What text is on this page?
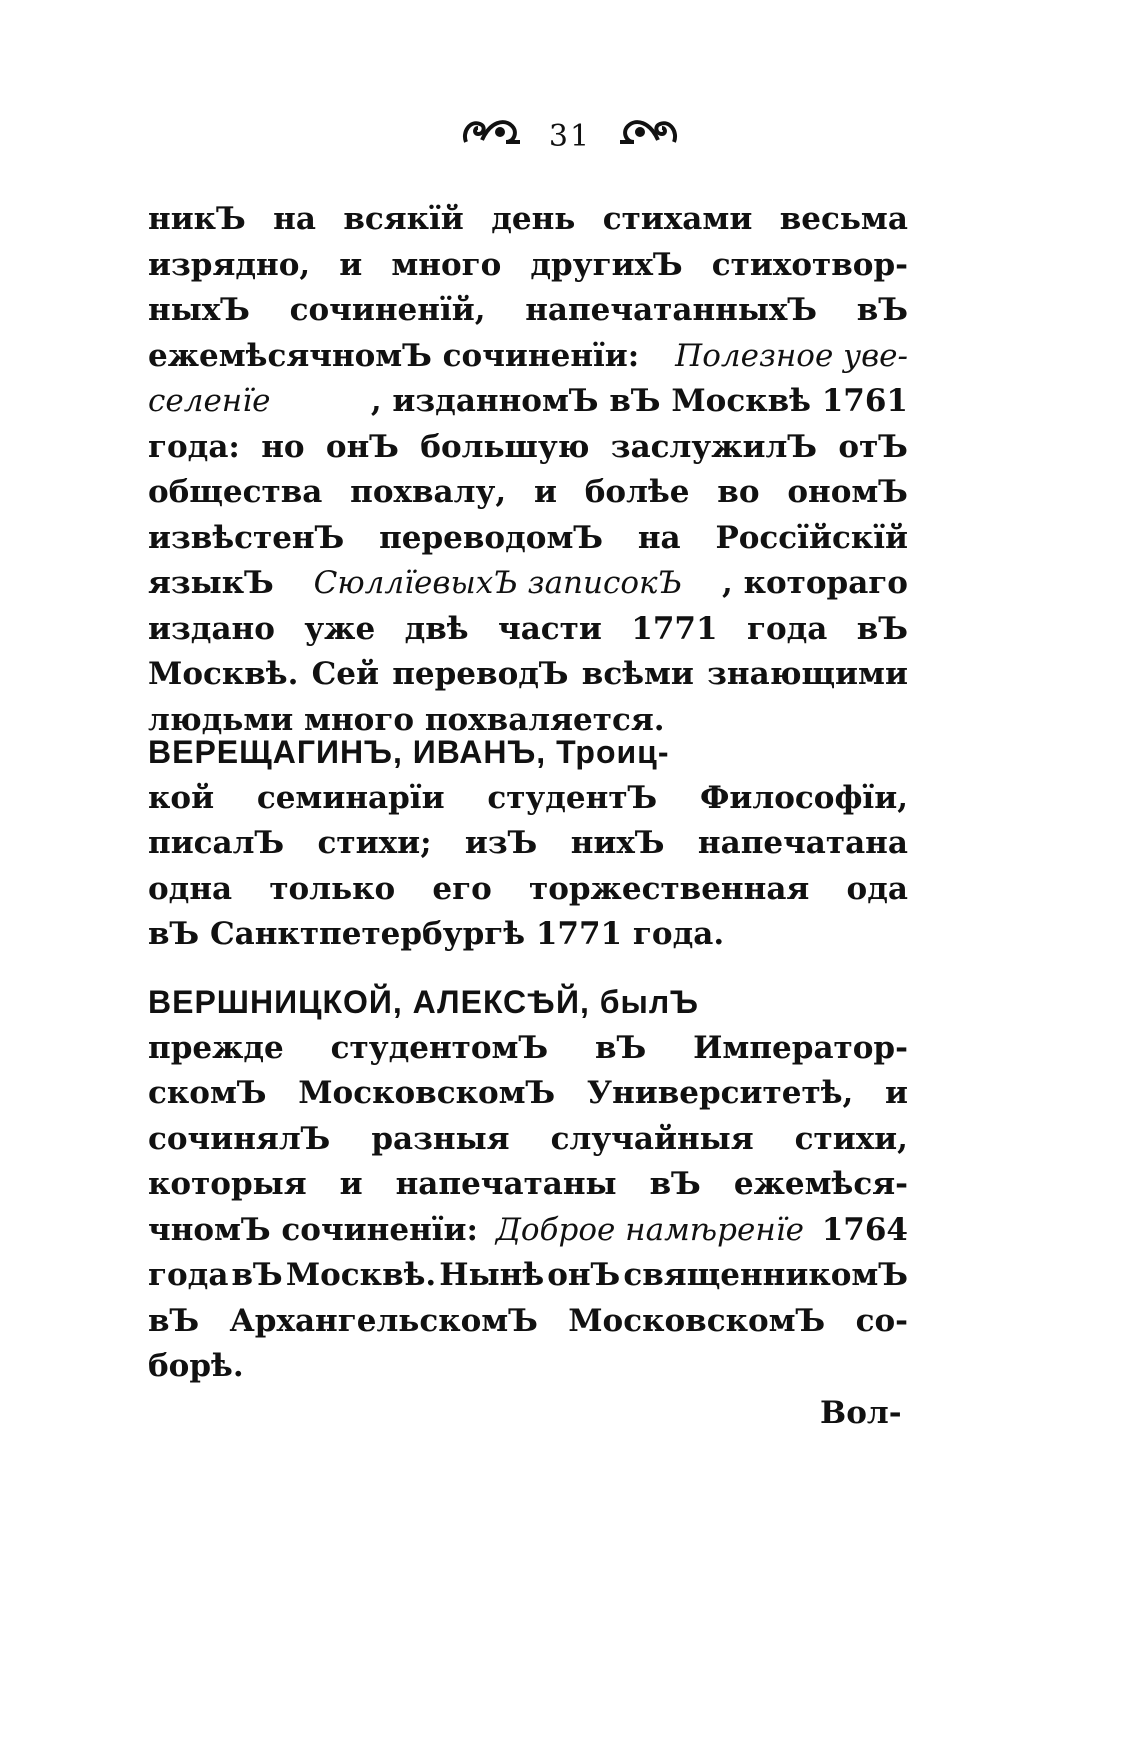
31
никЪ на всякїй день стихами весьма
изрядно, и много другихЪ стихотвор-
ныхЪ сочиненїй, напечатанныхЪ вЪ
ежемѣсячномЪ сочиненїи: Полезное уве-
селенїе	, изданномЪ вЪ Москвѣ 1761
года: но онЪ большую заслужилЪ отЪ
общества похвалу, и болѣе во ономЪ
извѣстенЪ переводомЪ на Россїйскїй
языкЪ СюллїевыхЪ записокЪ , котораго
издано уже двѣ части 1771 года вЪ
Москвѣ. Сей переводЪ всѣми знающими
людьми много похваляется.
ВЕРЕЩАГИНЪ, ИВАНЪ, Троиц-
кой семинарїи студентЪ Философїи,
писалЪ стихи; изЪ нихЪ напечатана
одна только его торжественная ода
вЪ Санктпетербургѣ 1771 года.
ВЕРШНИЦКОЙ, АЛЕКСѢЙ, былЪ
прежде студентомЪ вЪ Император-
скомЪ МосковскомЪ Университетѣ, и
сочинялЪ разныя случайныя стихи,
которыя и напечатаны вЪ ежемѣся-
чномЪ сочиненїи: Доброе намѣренїе 1764
года вЪ Москвѣ. Нынѣ онЪ священникомЪ
вЪ АрхангельскомЪ МосковскомЪ со-
борѣ.
Вол-
